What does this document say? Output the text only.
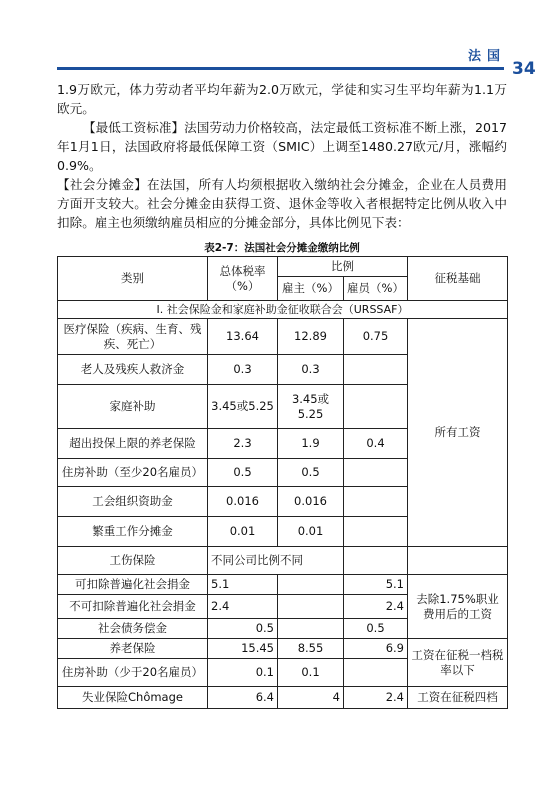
法国
34

1.9万欧元，体力劳动者平均年薪为2.0万欧元，学徒和实习生平均年薪为1.1万欧元。

【最低工资标准】法国劳动力价格较高，法定最低工资标准不断上涨，2017年1月1日，法国政府将最低保障工资（SMIC）上调至1480.27欧元/月，涨幅约0.9%。

【社会分摊金】在法国，所有人均须根据收入缴纳社会分摊金，企业在人员费用方面开支较大。社会分摊金由获得工资、退休金等收入者根据特定比例从收入中扣除。雇主也须缴纳雇员相应的分摊金部分，具体比例见下表：

表2-7：法国社会分摊金缴纳比例
类别	总体税率（%）	比例		征税基础
		雇主（%）	雇员（%）	
I. 社会保险金和家庭补助金征收联合会（URSSAF）				
医疗保险（疾病、生育、残疾、死亡）	13.64	12.89	0.75	所有工资
老人及残疾人救济金	0.3	0.3		
家庭补助	3.45或5.25	3.45或5.25		
超出投保上限的养老保险	2.3	1.9	0.4	
住房补助（至少20名雇员）	0.5	0.5		
工会组织资助金	0.016	0.016		
繁重工作分摊金	0.01	0.01		
工伤保险	不同公司比例不同			
可扣除普遍化社会捐金	5.1		5.1	去除1.75%职业费用后的工资
不可扣除普遍化社会捐金	2.4		2.4	
社会债务偿金	0.5		0.5	
养老保险	15.45	8.55	6.9	工资在征税一档税率以下
住房补助（少于20名雇员）	0.1	0.1		
失业保险Chômage	6.4	4	2.4	工资在征税四档
